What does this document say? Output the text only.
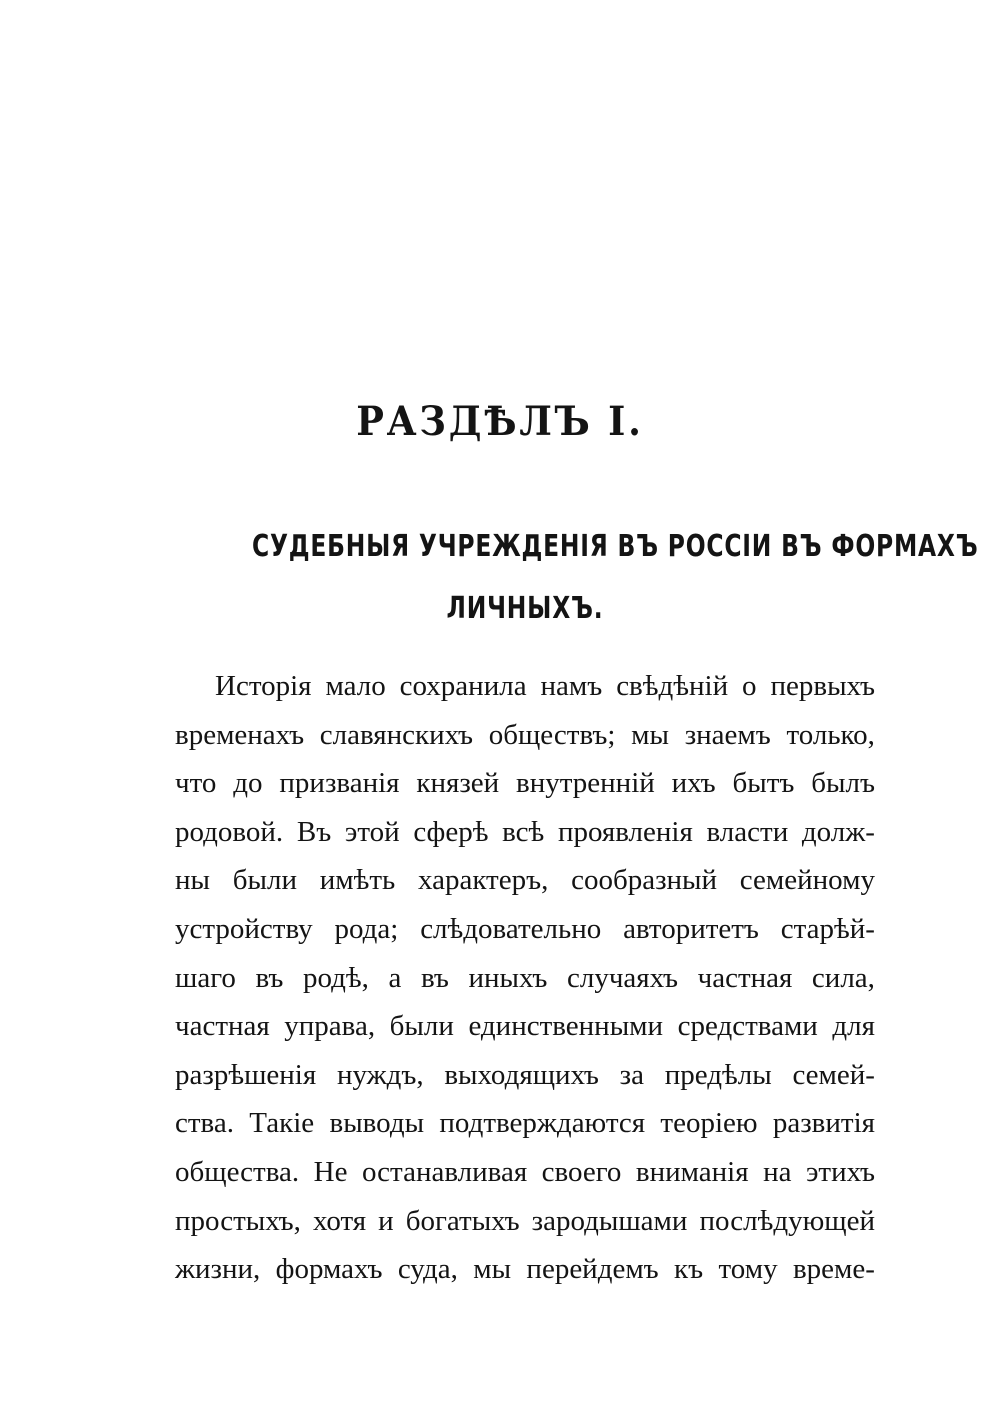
РАЗДѢЛЪ I.
СУДЕБНЫЯ УЧРЕЖДЕНІЯ ВЪ РОССІИ ВЪ ФОРМАХЪ
ЛИЧНЫХЪ.
Исторія мало сохранила намъ свѣдѣній о первыхъ
временахъ славянскихъ обществъ; мы знаемъ только,
что до призванія князей внутренній ихъ бытъ былъ
родовой. Въ этой сферѣ всѣ проявленія власти долж-
ны были имѣть характеръ, сообразный семейному
устройству рода; слѣдовательно авторитетъ старѣй-
шаго въ родѣ, а въ иныхъ случаяхъ частная сила,
частная управа, были единственными средствами для
разрѣшенія нуждъ, выходящихъ за предѣлы семей-
ства. Такіе выводы подтверждаются теоріею развитія
общества. Не останавливая своего вниманія на этихъ
простыхъ, хотя и богатыхъ зародышами послѣдующей
жизни, формахъ суда, мы перейдемъ къ тому време-
